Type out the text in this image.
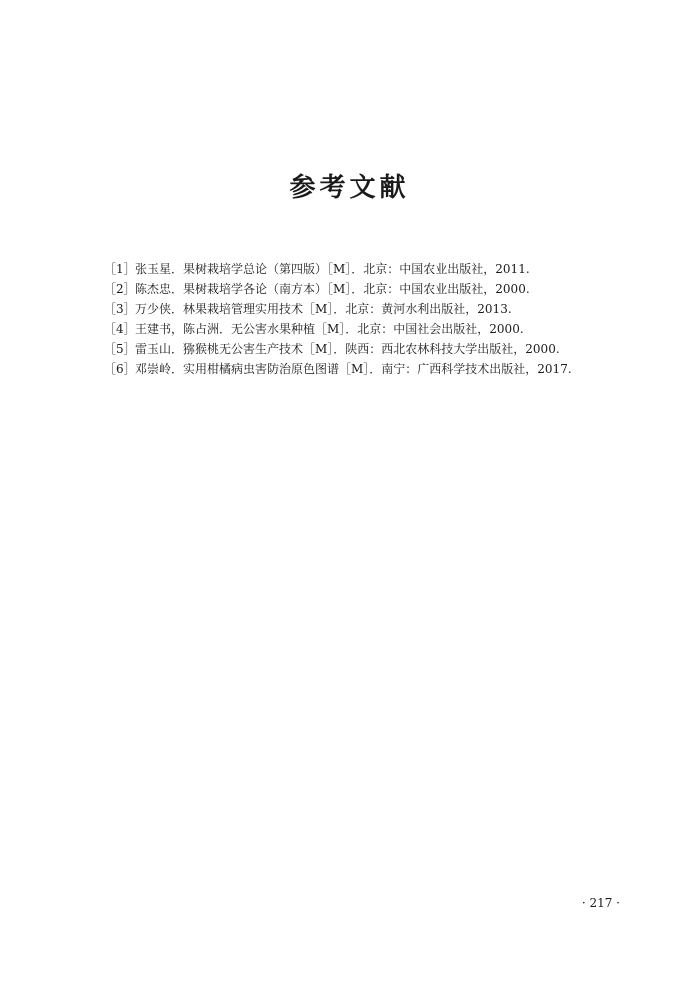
参考文献
［1］ 张玉星．果树栽培学总论（第四版）［M］．北京：中国农业出版社，2011.
［2］ 陈杰忠．果树栽培学各论（南方本）［M］．北京：中国农业出版社，2000.
［3］ 万少侠．林果栽培管理实用技术［M］．北京：黄河水利出版社，2013.
［4］ 王建书，陈占洲．无公害水果种植［M］．北京：中国社会出版社，2000.
［5］ 雷玉山．猕猴桃无公害生产技术［M］．陕西：西北农林科技大学出版社，2000.
［6］ 邓崇岭．实用柑橘病虫害防治原色图谱［M］．南宁：广西科学技术出版社，2017.
· 217 ·
